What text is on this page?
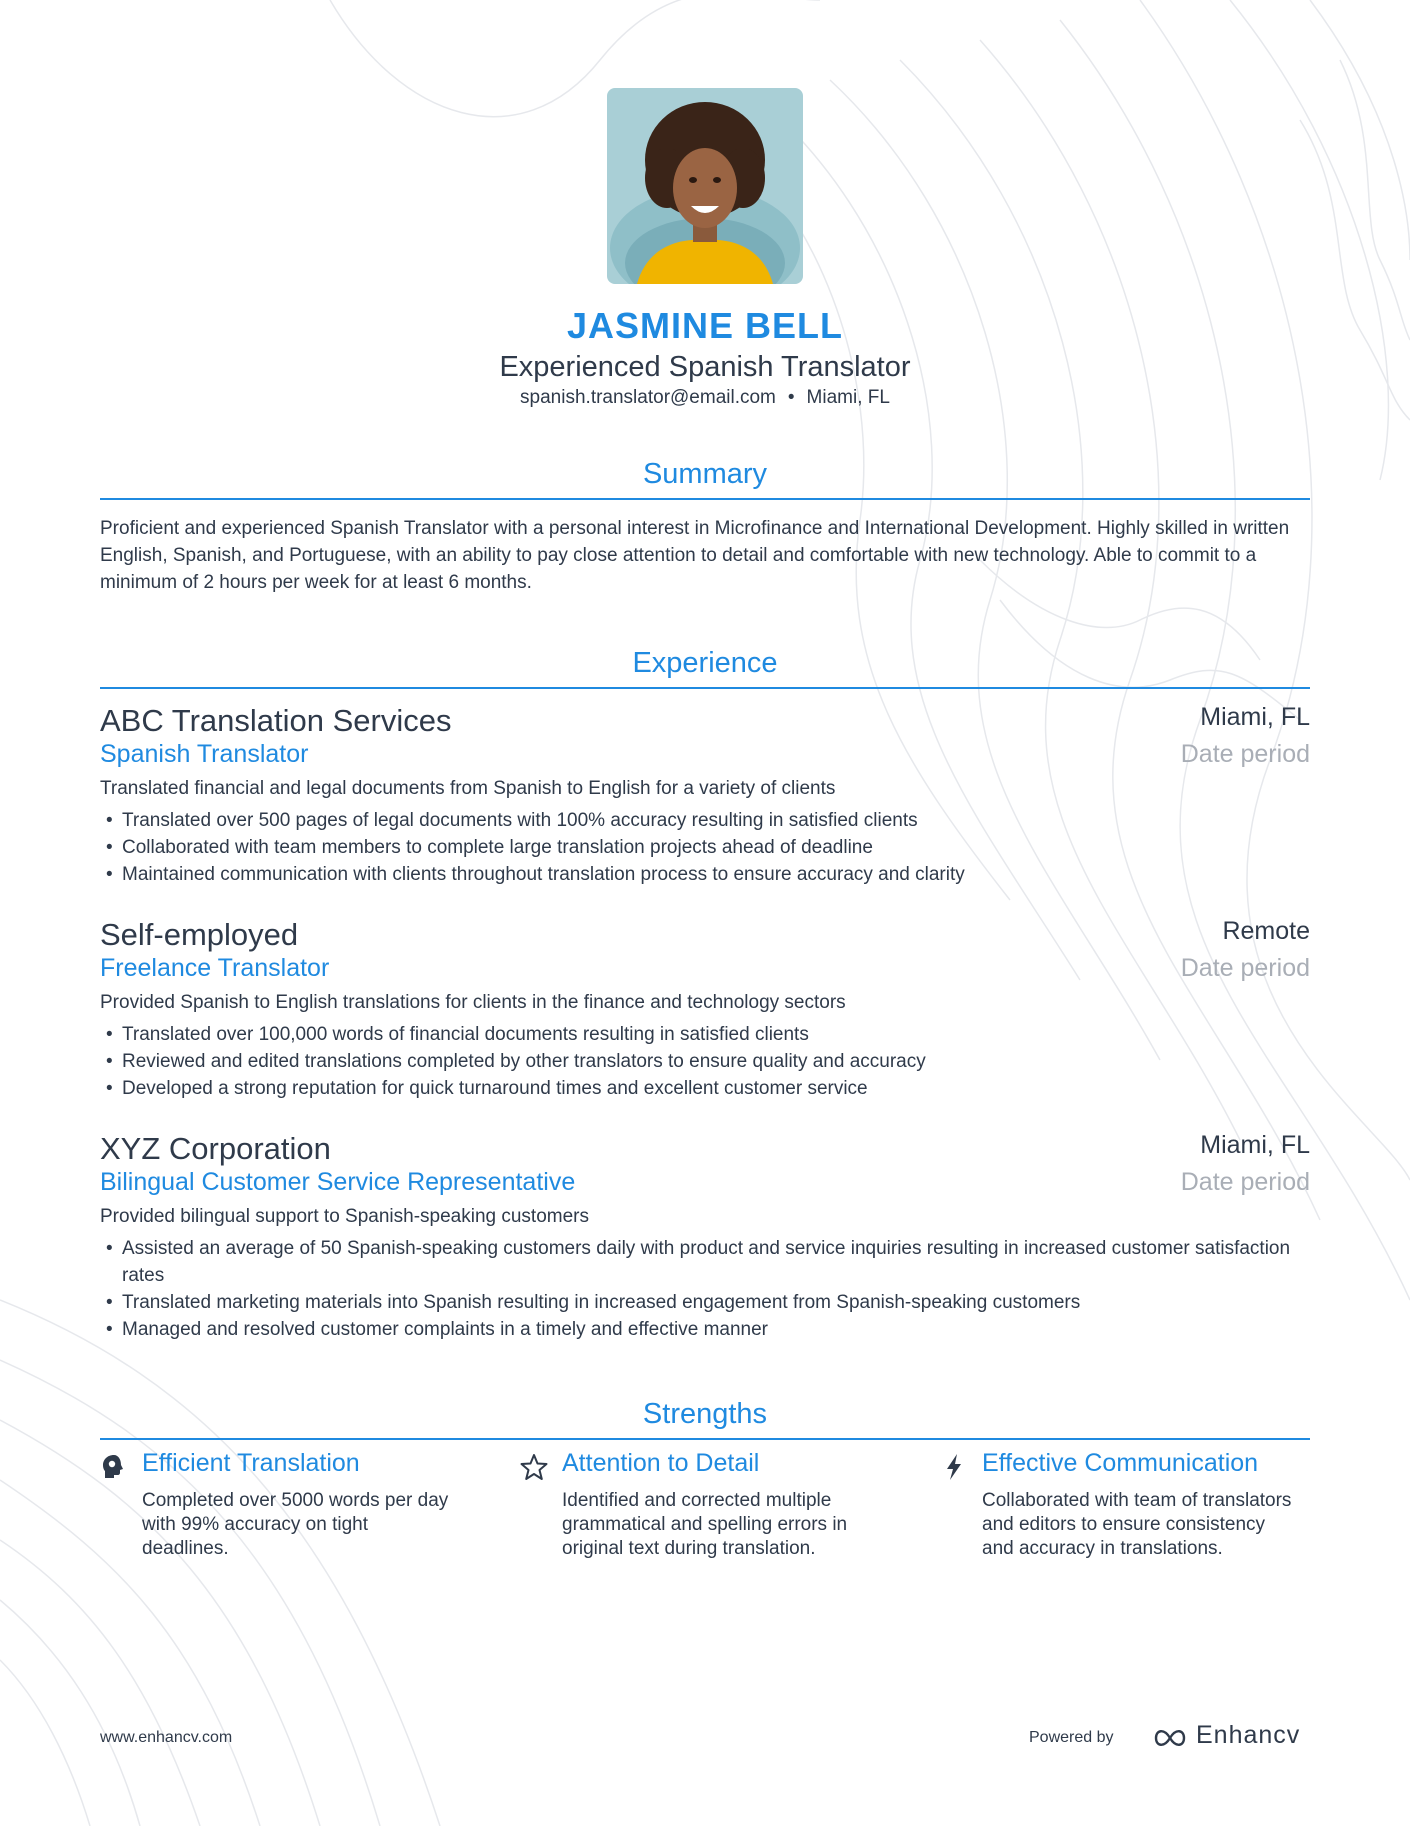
JASMINE BELL
Experienced Spanish Translator
spanish.translator@email.com • Miami, FL
Summary
Proficient and experienced Spanish Translator with a personal interest in Microfinance and International Development. Highly skilled in written English, Spanish, and Portuguese, with an ability to pay close attention to detail and comfortable with new technology. Able to commit to a minimum of 2 hours per week for at least 6 months.
Experience
ABC Translation Services	Miami, FL
Spanish Translator	Date period
Translated financial and legal documents from Spanish to English for a variety of clients
• Translated over 500 pages of legal documents with 100% accuracy resulting in satisfied clients
• Collaborated with team members to complete large translation projects ahead of deadline
• Maintained communication with clients throughout translation process to ensure accuracy and clarity
Self-employed	Remote
Freelance Translator	Date period
Provided Spanish to English translations for clients in the finance and technology sectors
• Translated over 100,000 words of financial documents resulting in satisfied clients
• Reviewed and edited translations completed by other translators to ensure quality and accuracy
• Developed a strong reputation for quick turnaround times and excellent customer service
XYZ Corporation	Miami, FL
Bilingual Customer Service Representative	Date period
Provided bilingual support to Spanish-speaking customers
• Assisted an average of 50 Spanish-speaking customers daily with product and service inquiries resulting in increased customer satisfaction rates
• Translated marketing materials into Spanish resulting in increased engagement from Spanish-speaking customers
• Managed and resolved customer complaints in a timely and effective manner
Strengths
Efficient Translation
Completed over 5000 words per day with 99% accuracy on tight deadlines.
Attention to Detail
Identified and corrected multiple grammatical and spelling errors in original text during translation.
Effective Communication
Collaborated with team of translators and editors to ensure consistency and accuracy in translations.
www.enhancv.com	Powered by	Enhancv
